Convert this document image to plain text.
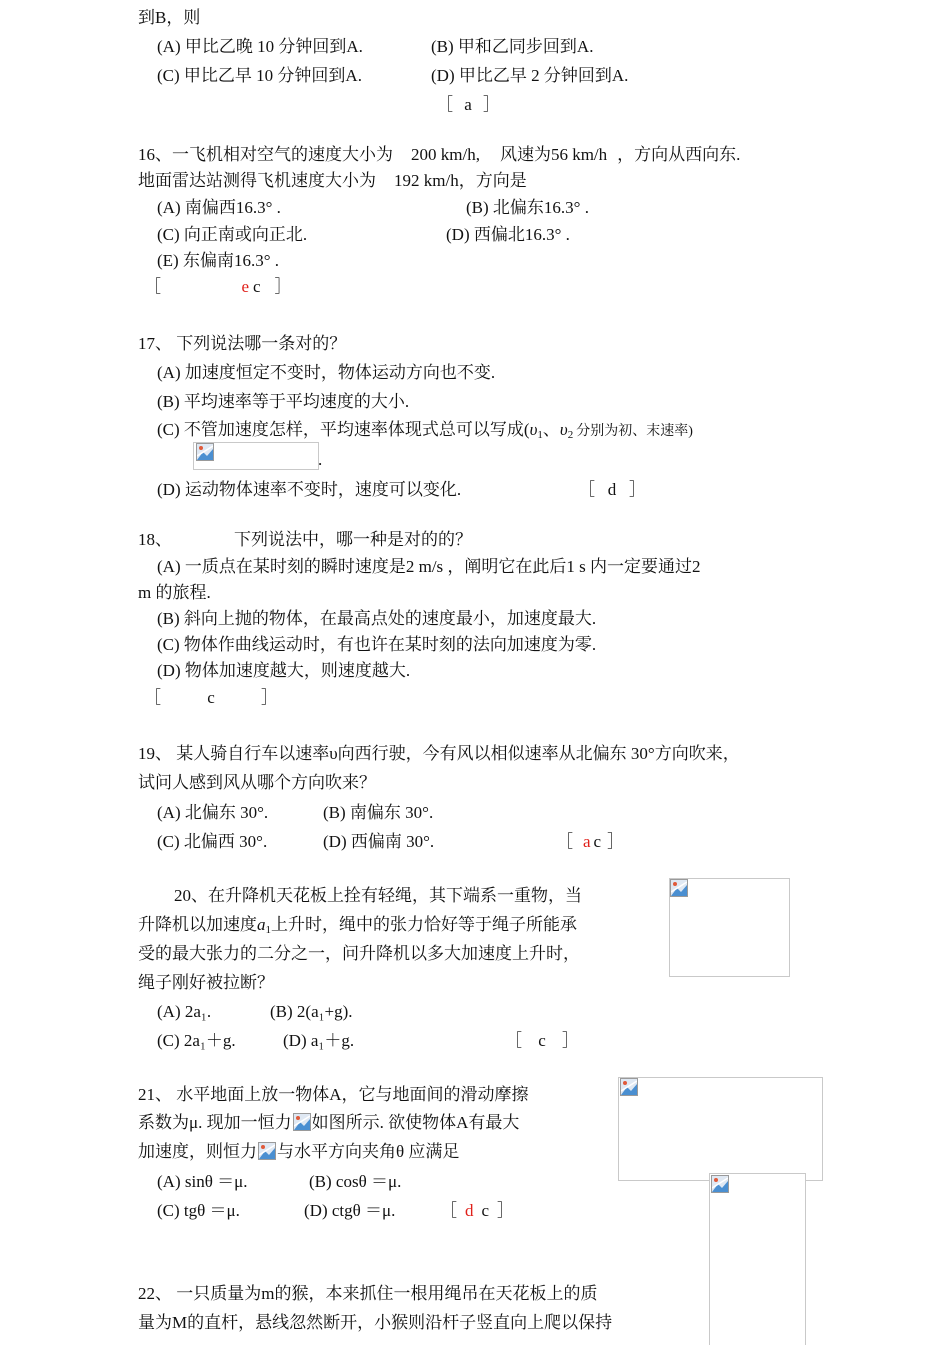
到B，则
(A) 甲比乙晚 10 分钟回到A.	(B) 甲和乙同步回到A.
(C) 甲比乙早 10 分钟回到A.	(D) 甲比乙早 2 分钟回到A.
［ a ］
16、一飞机相对空气的速度大小为 200 km/h, 风速为56 km/h ，方向从西向东.
地面雷达站测得飞机速度大小为 192 km/h，方向是
(A) 南偏西16.3° .	(B) 北偏东16.3° .
(C) 向正南或向正北.	(D) 西偏北16.3° .
(E) 东偏南16.3° .
［	e c ］
17、 下列说法哪一条对的？
(A) 加速度恒定不变时，物体运动方向也不变.
(B) 平均速率等于平均速度的大小.
(C) 不管加速度怎样，平均速率体现式总可以写成($\upsilon_1$、$\upsilon_2$ 分别为初、末速率)
.
(D) 运动物体速率不变时，速度可以变化.	［ d ］
18、	下列说法中，哪一种是对的的？
(A) 一质点在某时刻的瞬时速度是2 m/s ，阐明它在此后1 s 内一定要通过2
m 的旅程.
(B) 斜向上抛的物体，在最高点处的速度最小，加速度最大.
(C) 物体作曲线运动时，有也许在某时刻的法向加速度为零.
(D) 物体加速度越大，则速度越大.
［	c	］
19、 某人骑自行车以速率υ向西行驶，今有风以相似速率从北偏东 30°方向吹来，
试问人感到风从哪个方向吹来？
(A) 北偏东 30°.	(B) 南偏东 30°.
(C) 北偏西 30°.	(D) 西偏南 30°.	［ a c ］
20、在升降机天花板上拴有轻绳，其下端系一重物，当
升降机以加速度$a_1$上升时，绳中的张力恰好等于绳子所能承
受的最大张力的二分之一，问升降机以多大加速度上升时，
绳子刚好被拉断？
(A) 2a₁.	(B) 2(a₁+g).
(C) 2a₁＋g.	(D) a₁＋g.	［ c ］
21、 水平地面上放一物体A，它与地面间的滑动摩擦
系数为μ. 现加一恒力 如图所示. 欲使物体A有最大
加速度，则恒力 与水平方向夹角θ 应满足
(A) sinθ ＝μ.	(B) cosθ ＝μ.
(C) tgθ ＝μ.	(D) ctgθ ＝μ.	［ d c ］
22、 一只质量为m的猴，本来抓住一根用绳吊在天花板上的质
量为M的直杆，悬线忽然断开，小猴则沿杆子竖直向上爬以保持
